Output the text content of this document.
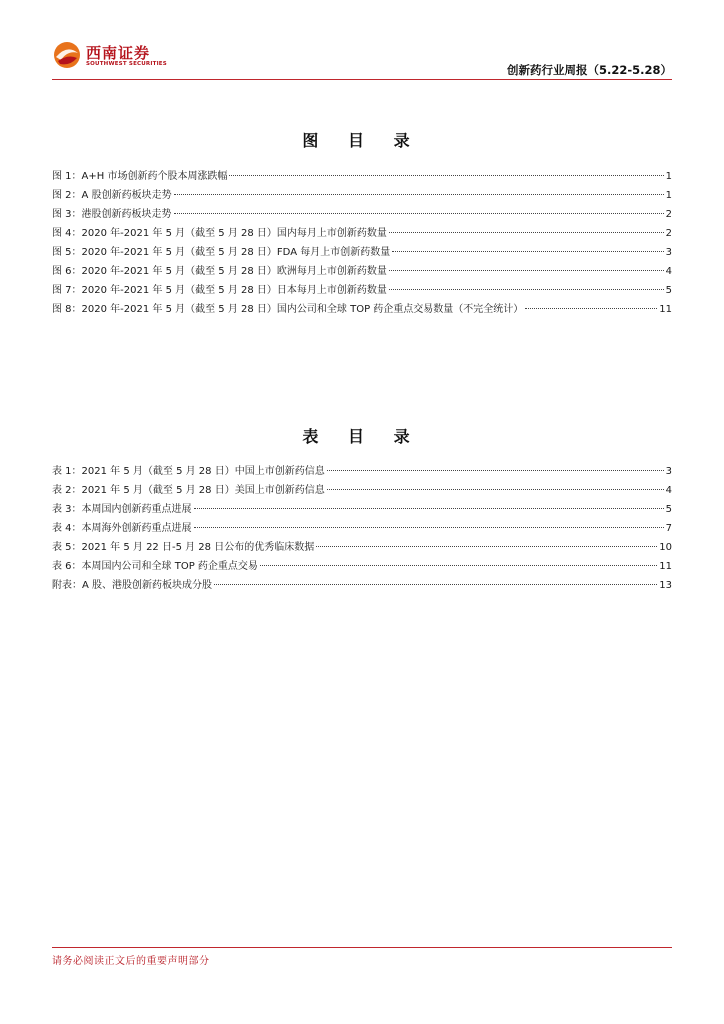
西南证券
SOUTHWEST SECURITIES	创新药行业周报（5.22-5.28）
图 目 录
图 1： A+H 市场创新药个股本周涨跌幅	1
图 2： A 股创新药板块走势	1
图 3： 港股创新药板块走势	2
图 4： 2020 年-2021 年 5 月（截至 5 月 28 日）国内每月上市创新药数量	2
图 5： 2020 年-2021 年 5 月（截至 5 月 28 日）FDA 每月上市创新药数量	3
图 6： 2020 年-2021 年 5 月（截至 5 月 28 日）欧洲每月上市创新药数量	4
图 7： 2020 年-2021 年 5 月（截至 5 月 28 日）日本每月上市创新药数量	5
图 8： 2020 年-2021 年 5 月（截至 5 月 28 日）国内公司和全球 TOP 药企重点交易数量（不完全统计）	11
表 目 录
表 1： 2021 年 5 月（截至 5 月 28 日）中国上市创新药信息	3
表 2： 2021 年 5 月（截至 5 月 28 日）美国上市创新药信息	4
表 3： 本周国内创新药重点进展	5
表 4： 本周海外创新药重点进展	7
表 5： 2021 年 5 月 22 日-5 月 28 日公布的优秀临床数据	10
表 6： 本周国内公司和全球 TOP 药企重点交易	11
附表： A 股、港股创新药板块成分股	13
请务必阅读正文后的重要声明部分
